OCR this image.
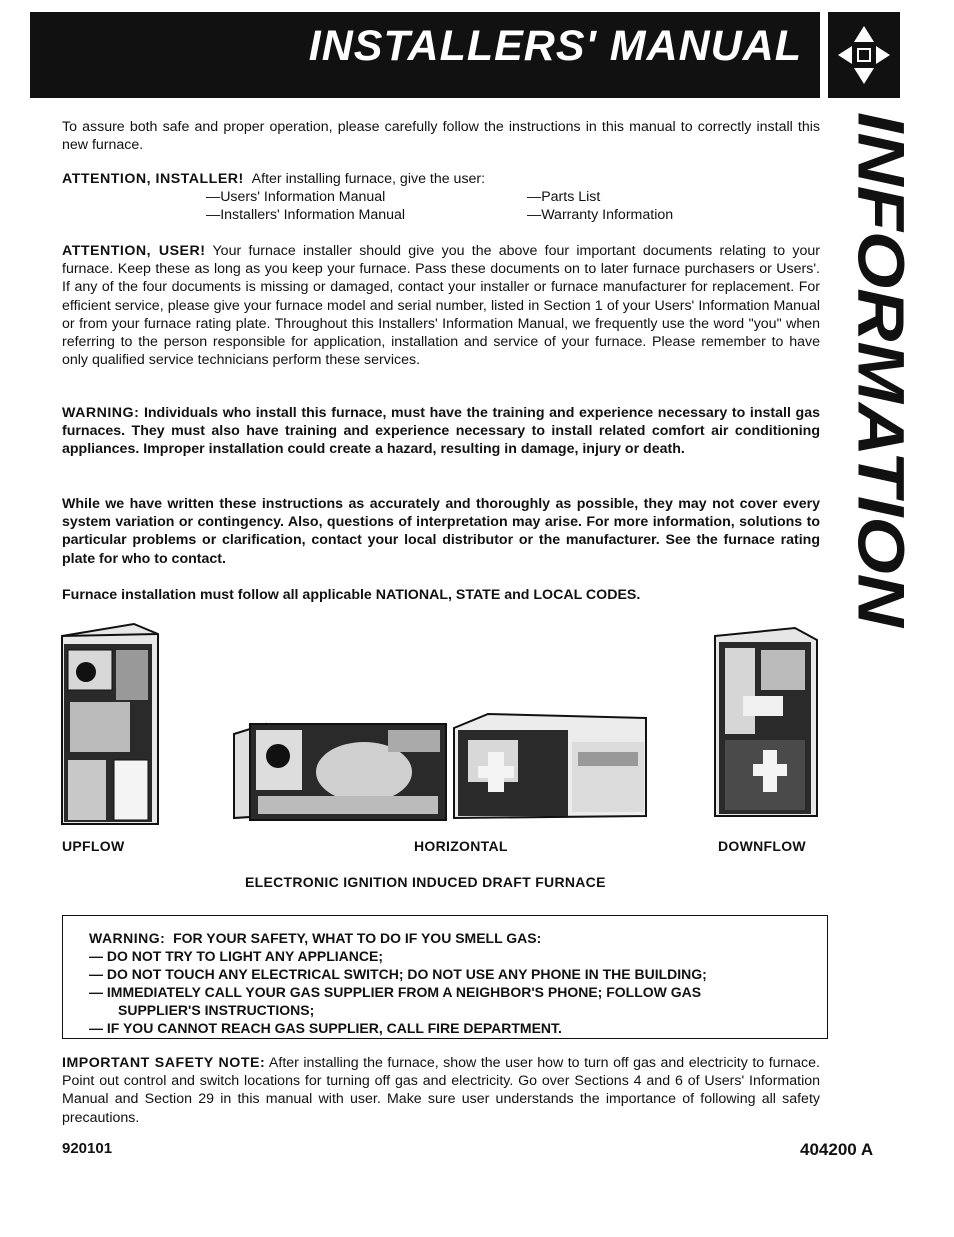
INSTALLERS' MANUAL
INFORMATION
To assure both safe and proper operation, please carefully follow the instructions in this manual to correctly install this new furnace.
ATTENTION, INSTALLER! After installing furnace, give the user:
—Users' Information Manual
—Installers' Information Manual
—Parts List
—Warranty Information
ATTENTION, USER! Your furnace installer should give you the above four important documents relating to your furnace. Keep these as long as you keep your furnace. Pass these documents on to later furnace purchasers or Users'. If any of the four documents is missing or damaged, contact your installer or furnace manufacturer for replacement. For efficient service, please give your furnace model and serial number, listed in Section 1 of your Users' Information Manual or from your furnace rating plate. Throughout this Installers' Information Manual, we frequently use the word "you" when referring to the person responsible for application, installation and service of your furnace. Please remember to have only qualified service technicians perform these services.
WARNING: Individuals who install this furnace, must have the training and experience necessary to install gas furnaces. They must also have training and experience necessary to install related comfort air conditioning appliances. Improper installation could create a hazard, resulting in damage, injury or death.
While we have written these instructions as accurately and thoroughly as possible, they may not cover every system variation or contingency. Also, questions of interpretation may arise. For more information, solutions to particular problems or clarification, contact your local distributor or the manufacturer. See the furnace rating plate for who to contact.
Furnace installation must follow all applicable NATIONAL, STATE and LOCAL CODES.
UPFLOW	HORIZONTAL	DOWNFLOW
ELECTRONIC IGNITION INDUCED DRAFT FURNACE
WARNING: FOR YOUR SAFETY, WHAT TO DO IF YOU SMELL GAS:
— DO NOT TRY TO LIGHT ANY APPLIANCE;
— DO NOT TOUCH ANY ELECTRICAL SWITCH; DO NOT USE ANY PHONE IN THE BUILDING;
— IMMEDIATELY CALL YOUR GAS SUPPLIER FROM A NEIGHBOR'S PHONE; FOLLOW GAS
SUPPLIER'S INSTRUCTIONS;
— IF YOU CANNOT REACH GAS SUPPLIER, CALL FIRE DEPARTMENT.
IMPORTANT SAFETY NOTE: After installing the furnace, show the user how to turn off gas and electricity to furnace. Point out control and switch locations for turning off gas and electricity. Go over Sections 4 and 6 of Users' Information Manual and Section 29 in this manual with user. Make sure user understands the importance of following all safety precautions.
920101	404200 A
